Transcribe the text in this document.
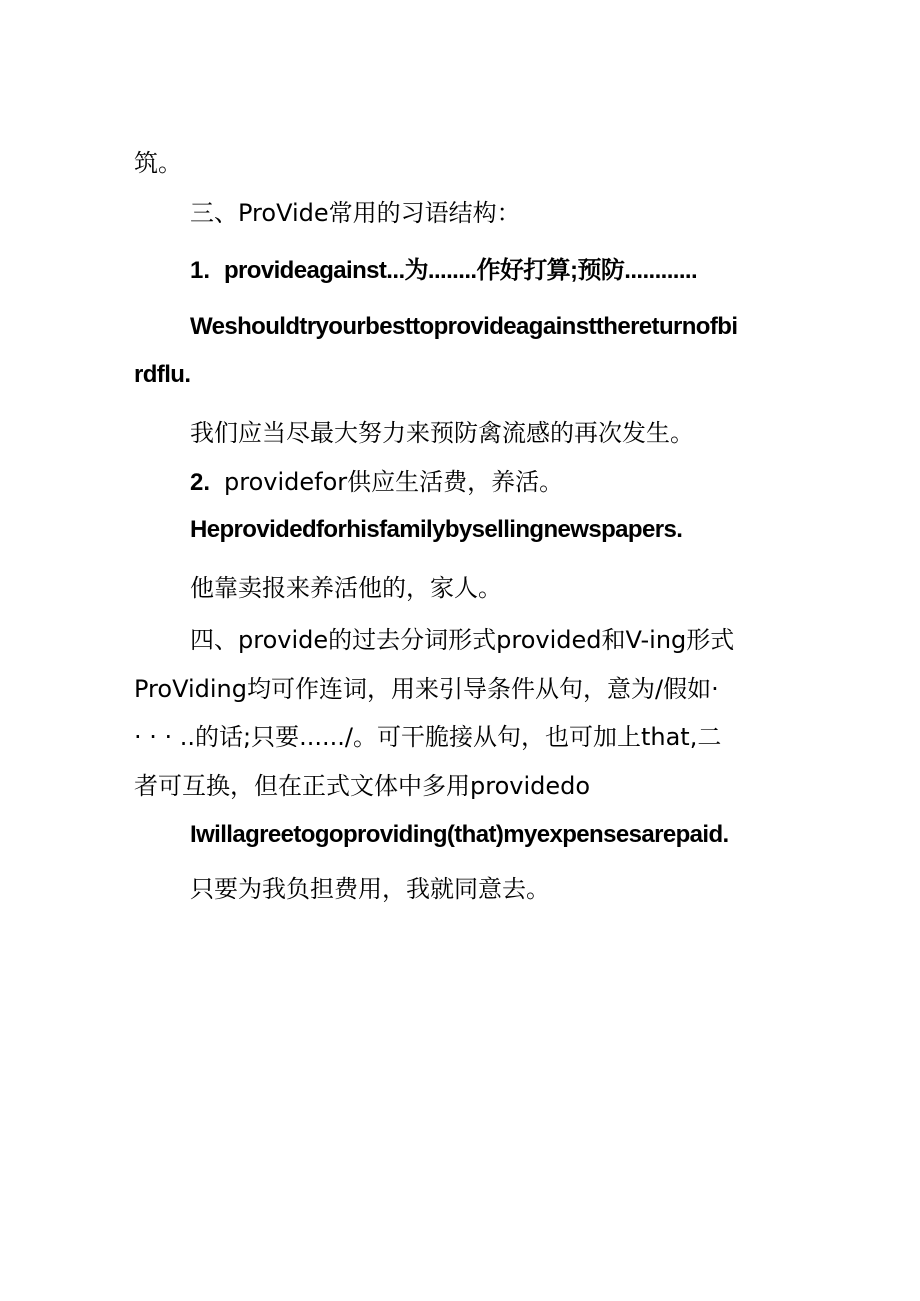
筑。
三、ProVide常用的习语结构：
1. provideagainst...为........作好打算;预防............
Weshouldtryourbesttoprovideagainstthereturnofbi
rdflu.
我们应当尽最大努力来预防禽流感的再次发生。
2. providefor供应生活费，养活。
Heprovidedforhisfamilybysellingnewspapers.
他靠卖报来养活他的，家人。
四、provide的过去分词形式provided和V-ing形式
ProViding均可作连词，用来引导条件从句，意为/假如·
· · · ..的话;只要....../。可干脆接从句，也可加上that,二
者可互换，但在正式文体中多用providedo
Iwillagreetogoproviding(that)myexpensesarepaid.
只要为我负担费用，我就同意去。
